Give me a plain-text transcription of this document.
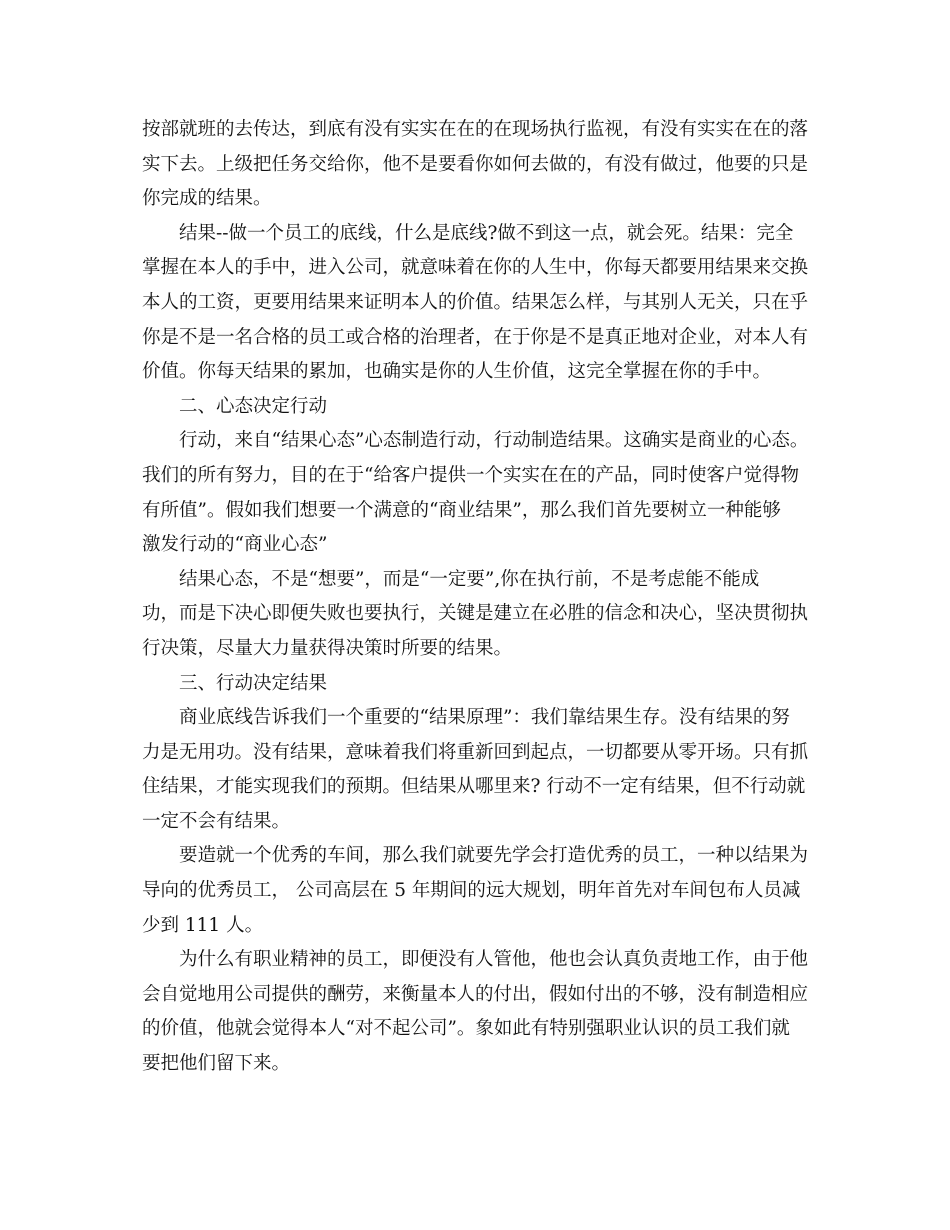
按部就班的去传达，到底有没有实实在在的在现场执行监视，有没有实实在在的落
实下去。上级把任务交给你，他不是要看你如何去做的，有没有做过，他要的只是
你完成的结果。
结果--做一个员工的底线，什么是底线?做不到这一点，就会死。结果：完全
掌握在本人的手中，进入公司，就意味着在你的人生中，你每天都要用结果来交换
本人的工资，更要用结果来证明本人的价值。结果怎么样，与其别人无关，只在乎
你是不是一名合格的员工或合格的治理者，在于你是不是真正地对企业，对本人有
价值。你每天结果的累加，也确实是你的人生价值，这完全掌握在你的手中。
二、心态决定行动
行动，来自“结果心态”心态制造行动，行动制造结果。这确实是商业的心态。
我们的所有努力，目的在于“给客户提供一个实实在在的产品，同时使客户觉得物
有所值”。假如我们想要一个满意的“商业结果”，那么我们首先要树立一种能够
激发行动的“商业心态”
结果心态，不是“想要”，而是“一定要”,你在执行前，不是考虑能不能成
功，而是下决心即便失败也要执行，关键是建立在必胜的信念和决心，坚决贯彻执
行决策，尽量大力量获得决策时所要的结果。
三、行动决定结果
商业底线告诉我们一个重要的“结果原理”：我们靠结果生存。没有结果的努
力是无用功。没有结果，意味着我们将重新回到起点，一切都要从零开场。只有抓
住结果，才能实现我们的预期。但结果从哪里来? 行动不一定有结果，但不行动就
一定不会有结果。
要造就一个优秀的车间，那么我们就要先学会打造优秀的员工，一种以结果为
导向的优秀员工， 公司高层在 5 年期间的远大规划，明年首先对车间包布人员减
少到 111 人。
为什么有职业精神的员工，即便没有人管他，他也会认真负责地工作，由于他
会自觉地用公司提供的酬劳，来衡量本人的付出，假如付出的不够，没有制造相应
的价值，他就会觉得本人“对不起公司”。象如此有特别强职业认识的员工我们就
要把他们留下来。
